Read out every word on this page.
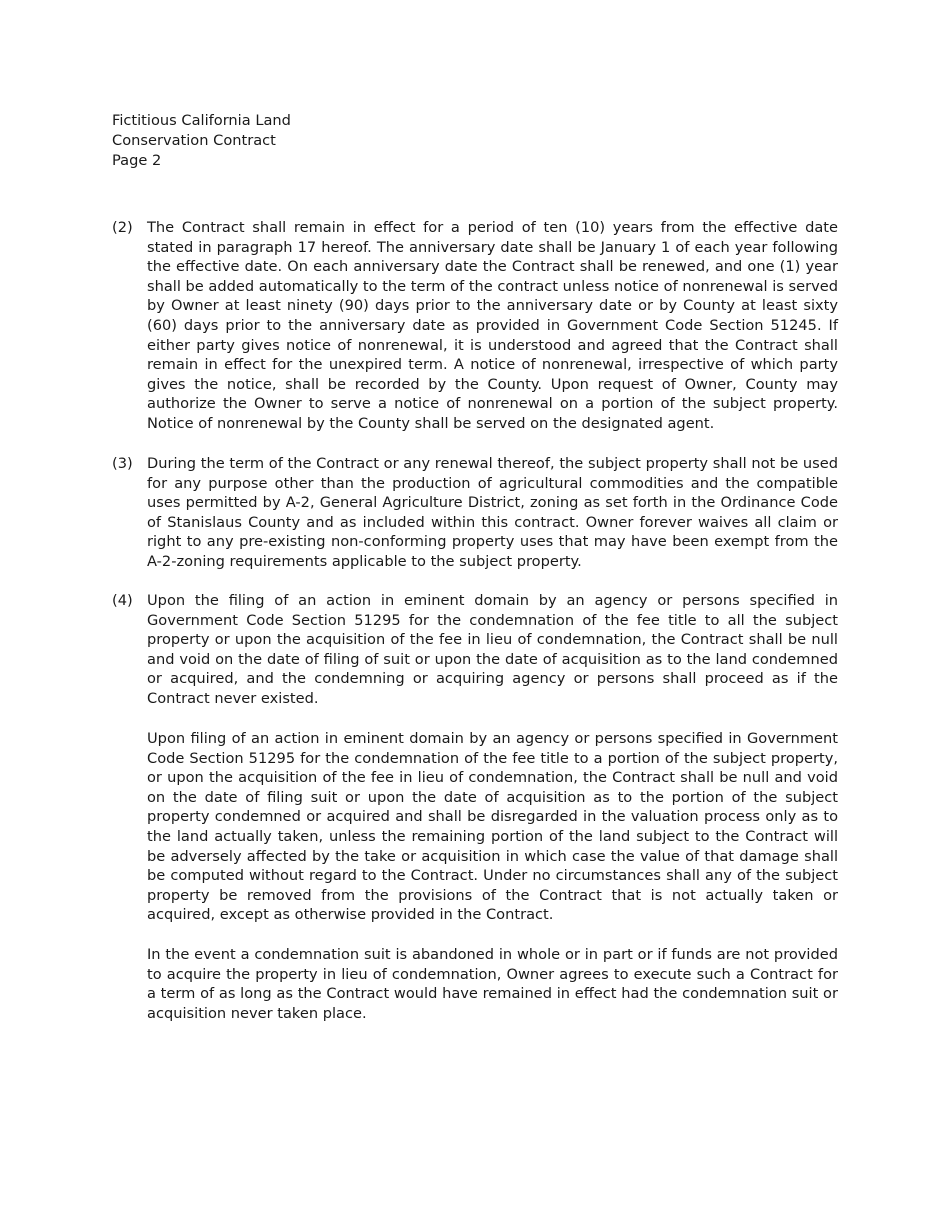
Fictitious California Land
Conservation Contract
Page 2
(2) The Contract shall remain in effect for a period of ten (10) years from the effective date stated in paragraph 17 hereof. The anniversary date shall be January 1 of each year following the effective date. On each anniversary date the Contract shall be renewed, and one (1) year shall be added automatically to the term of the contract unless notice of nonrenewal is served by Owner at least ninety (90) days prior to the anniversary date or by County at least sixty (60) days prior to the anniversary date as provided in Government Code Section 51245. If either party gives notice of nonrenewal, it is understood and agreed that the Contract shall remain in effect for the unexpired term. A notice of nonrenewal, irrespective of which party gives the notice, shall be recorded by the County. Upon request of Owner, County may authorize the Owner to serve a notice of nonrenewal on a portion of the subject property. Notice of nonrenewal by the County shall be served on the designated agent.
(3) During the term of the Contract or any renewal thereof, the subject property shall not be used for any purpose other than the production of agricultural commodities and the compatible uses permitted by A-2, General Agriculture District, zoning as set forth in the Ordinance Code of Stanislaus County and as included within this contract. Owner forever waives all claim or right to any pre-existing non-conforming property uses that may have been exempt from the A-2-zoning requirements applicable to the subject property.
(4) Upon the filing of an action in eminent domain by an agency or persons specified in Government Code Section 51295 for the condemnation of the fee title to all the subject property or upon the acquisition of the fee in lieu of condemnation, the Contract shall be null and void on the date of filing of suit or upon the date of acquisition as to the land condemned or acquired, and the condemning or acquiring agency or persons shall proceed as if the Contract never existed.
Upon filing of an action in eminent domain by an agency or persons specified in Government Code Section 51295 for the condemnation of the fee title to a portion of the subject property, or upon the acquisition of the fee in lieu of condemnation, the Contract shall be null and void on the date of filing suit or upon the date of acquisition as to the portion of the subject property condemned or acquired and shall be disregarded in the valuation process only as to the land actually taken, unless the remaining portion of the land subject to the Contract will be adversely affected by the take or acquisition in which case the value of that damage shall be computed without regard to the Contract. Under no circumstances shall any of the subject property be removed from the provisions of the Contract that is not actually taken or acquired, except as otherwise provided in the Contract.
In the event a condemnation suit is abandoned in whole or in part or if funds are not provided to acquire the property in lieu of condemnation, Owner agrees to execute such a Contract for a term of as long as the Contract would have remained in effect had the condemnation suit or acquisition never taken place.
